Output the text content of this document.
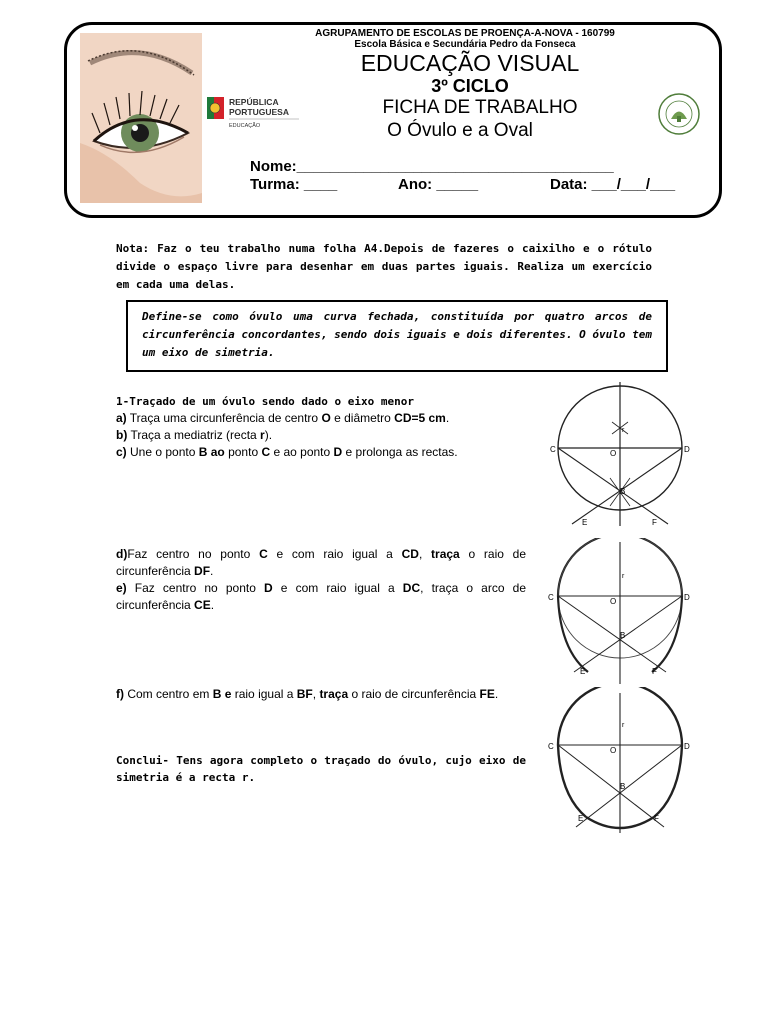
REPÚBLICA
PORTUGUESA
EDUCAÇÃO
AGRUPAMENTO DE ESCOLAS DE PROENÇA-A-NOVA - 160799
Escola Básica e Secundária Pedro da Fonseca
EDUCAÇÃO VISUAL
3º CICLO
FICHA DE TRABALHO
O Óvulo e a Oval
Nome:______________________________________
Turma: ____	Ano: _____	Data: ___/___/___
Nota: Faz o teu trabalho numa folha A4.Depois de fazeres o caixilho e o rótulo divide o espaço livre para desenhar em duas partes iguais. Realiza um exercício em cada uma delas.
Define-se como óvulo uma curva fechada, constituída por quatro arcos de circunferência concordantes, sendo dois iguais e dois diferentes. O óvulo tem um eixo de simetria.
1-Traçado de um óvulo sendo dado o eixo menor
a) Traça uma circunferência de centro O e diâmetro CD=5 cm.
b) Traça a mediatriz (recta r).
c) Une o ponto B ao ponto C e ao ponto D e prolonga as rectas.
d)Faz centro no ponto C e com raio igual a CD, traça o raio de circunferência DF.
e) Faz centro no ponto D e com raio igual a DC, traça o arco de circunferência CE.
f) Com centro em B e raio igual a BF, traça o raio de circunferência FE.
Conclui- Tens agora completo o traçado do óvulo, cujo eixo de simetria é a recta r.
C	D
O
B
r
E	F
C	D
O
B
r
E	F
C	D
O
B
r
E	F
